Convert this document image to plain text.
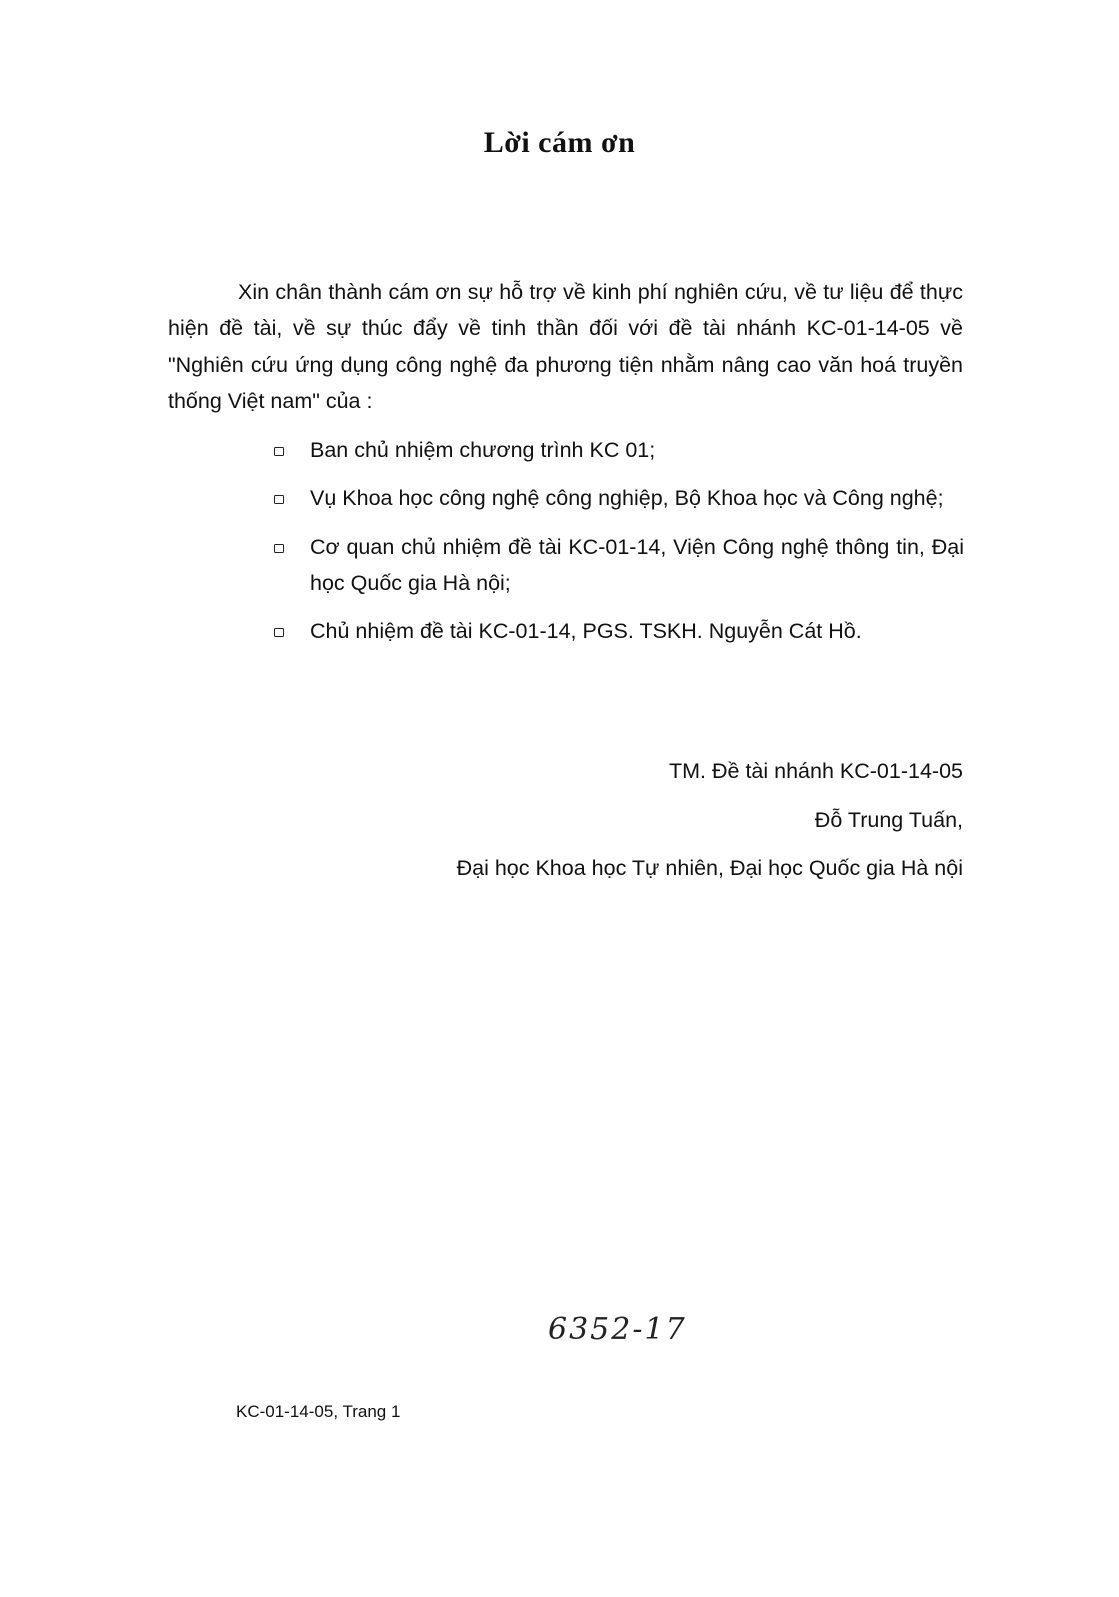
Lời cám ơn
Xin chân thành cám ơn sự hỗ trợ về kinh phí nghiên cứu, về tư liệu để thực hiện đề tài, về sự thúc đẩy về tinh thần đối với đề tài nhánh KC-01-14-05 về "Nghiên cứu ứng dụng công nghệ đa phương tiện nhằm nâng cao văn hoá truyền thống Việt nam" của :
Ban chủ nhiệm chương trình KC 01;
Vụ Khoa học công nghệ công nghiệp, Bộ Khoa học và Công nghệ;
Cơ quan chủ nhiệm đề tài KC-01-14, Viện Công nghệ thông tin, Đại học Quốc gia Hà nội;
Chủ nhiệm đề tài KC-01-14, PGS. TSKH. Nguyễn Cát Hồ.
TM. Đề tài nhánh KC-01-14-05
Đỗ Trung Tuấn,
Đại học Khoa học Tự nhiên, Đại học Quốc gia Hà nội
6352-17
KC-01-14-05, Trang 1
